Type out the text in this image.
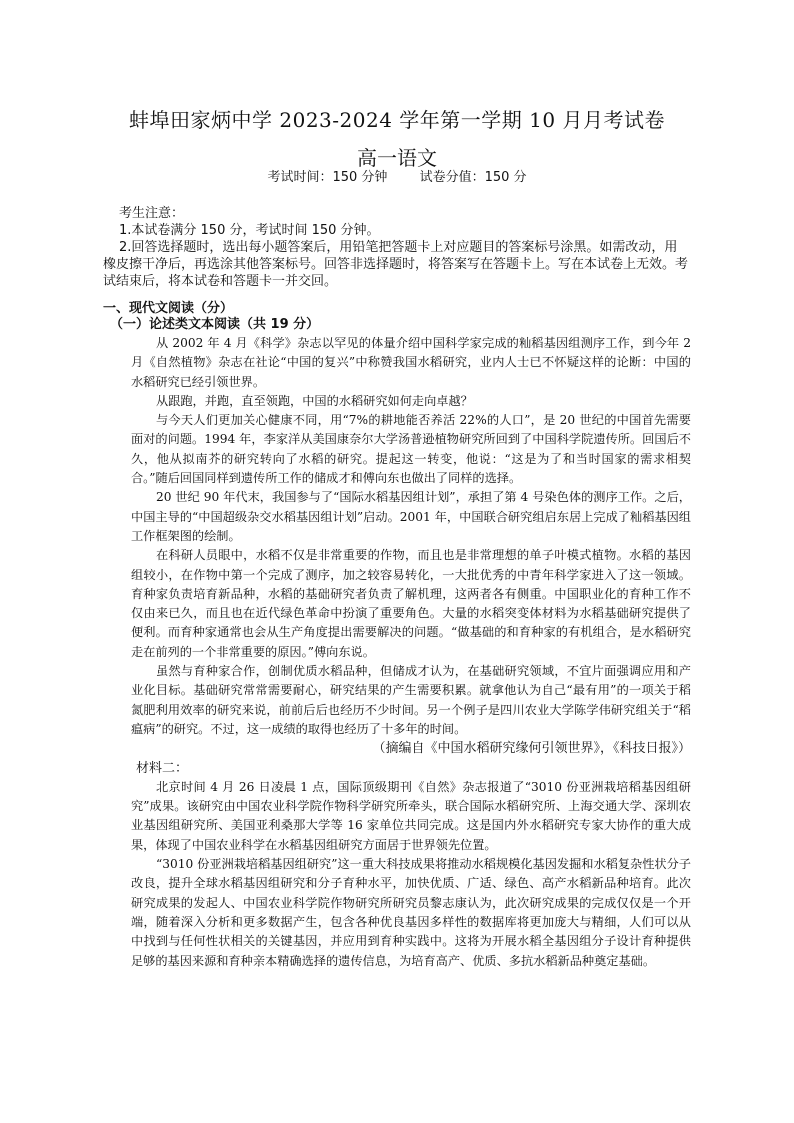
蚌埠田家炳中学 2023-2024 学年第一学期 10 月月考试卷
高一语文
考试时间：150 分钟 试卷分值：150 分

考生注意：

1.本试卷满分 150 分，考试时间 150 分钟。

2.回答选择题时，选出每小题答案后，用铅笔把答题卡上对应题目的答案标号涂黑。如需改动，用橡皮擦干净后，再选涂其他答案标号。回答非选择题时，将答案写在答题卡上。写在本试卷上无效。考试结束后，将本试卷和答题卡一并交回。

一、现代文阅读（分）
（一）论述类文本阅读（共 19 分）

从 2002 年 4 月《科学》杂志以罕见的体量介绍中国科学家完成的籼稻基因组测序工作，到今年 2 月《自然植物》杂志在社论“中国的复兴”中称赞我国水稻研究，业内人士已不怀疑这样的论断：中国的水稻研究已经引领世界。

从跟跑，并跑，直至领跑，中国的水稻研究如何走向卓越？

与今天人们更加关心健康不同，用“7%的耕地能否养活 22%的人口”，是 20 世纪的中国首先需要面对的问题。1994 年，李家洋从美国康奈尔大学汤普逊植物研究所回到了中国科学院遗传所。回国后不久，他从拟南芥的研究转向了水稻的研究。提起这一转变，他说：“这是为了和当时国家的需求相契合。”随后回国同样到遗传所工作的储成才和傅向东也做出了同样的选择。

20 世纪 90 年代末，我国参与了“国际水稻基因组计划”，承担了第 4 号染色体的测序工作。之后，中国主导的“中国超级杂交水稻基因组计划”启动。2001 年，中国联合研究组启东居上完成了籼稻基因组工作框架图的绘制。

在科研人员眼中，水稻不仅是非常重要的作物，而且也是非常理想的单子叶模式植物。水稻的基因组较小，在作物中第一个完成了测序，加之较容易转化，一大批优秀的中青年科学家进入了这一领域。育种家负责培育新品种，水稻的基础研究者负责了解机理，这两者各有侧重。中国职业化的育种工作不仅由来已久，而且也在近代绿色革命中扮演了重要角色。大量的水稻突变体材料为水稻基础研究提供了便利。而育种家通常也会从生产角度提出需要解决的问题。“做基础的和育种家的有机组合，是水稻研究走在前列的一个非常重要的原因。”傅向东说。

虽然与育种家合作，创制优质水稻品种，但储成才认为，在基础研究领域，不宜片面强调应用和产业化目标。基础研究常常需要耐心，研究结果的产生需要积累。就拿他认为自己“最有用”的一项关于稻氮肥利用效率的研究来说，前前后后也经历不少时间。另一个例子是四川农业大学陈学伟研究组关于“稻瘟病”的研究。不过，这一成绩的取得也经历了十多年的时间。

（摘编自《中国水稻研究缘何引领世界》，《科技日报》）

材料二：

北京时间 4 月 26 日凌晨 1 点，国际顶级期刊《自然》杂志报道了“3010 份亚洲栽培稻基因组研究”成果。该研究由中国农业科学院作物科学研究所牵头，联合国际水稻研究所、上海交通大学、深圳农业基因组研究所、美国亚利桑那大学等 16 家单位共同完成。这是国内外水稻研究专家大协作的重大成果，体现了中国农业科学在水稻基因组研究方面居于世界领先位置。

“3010 份亚洲栽培稻基因组研究”这一重大科技成果将推动水稻规模化基因发掘和水稻复杂性状分子改良，提升全球水稻基因组研究和分子育种水平，加快优质、广适、绿色、高产水稻新品种培育。此次研究成果的发起人、中国农业科学院作物研究所研究员黎志康认为，此次研究成果的完成仅仅是一个开端，随着深入分析和更多数据产生，包含各种优良基因多样性的数据库将更加庞大与精细，人们可以从中找到与任何性状相关的关键基因，并应用到育种实践中。这将为开展水稻全基因组分子设计育种提供足够的基因来源和育种亲本精确选择的遗传信息，为培育高产、优质、多抗水稻新品种奠定基础。
